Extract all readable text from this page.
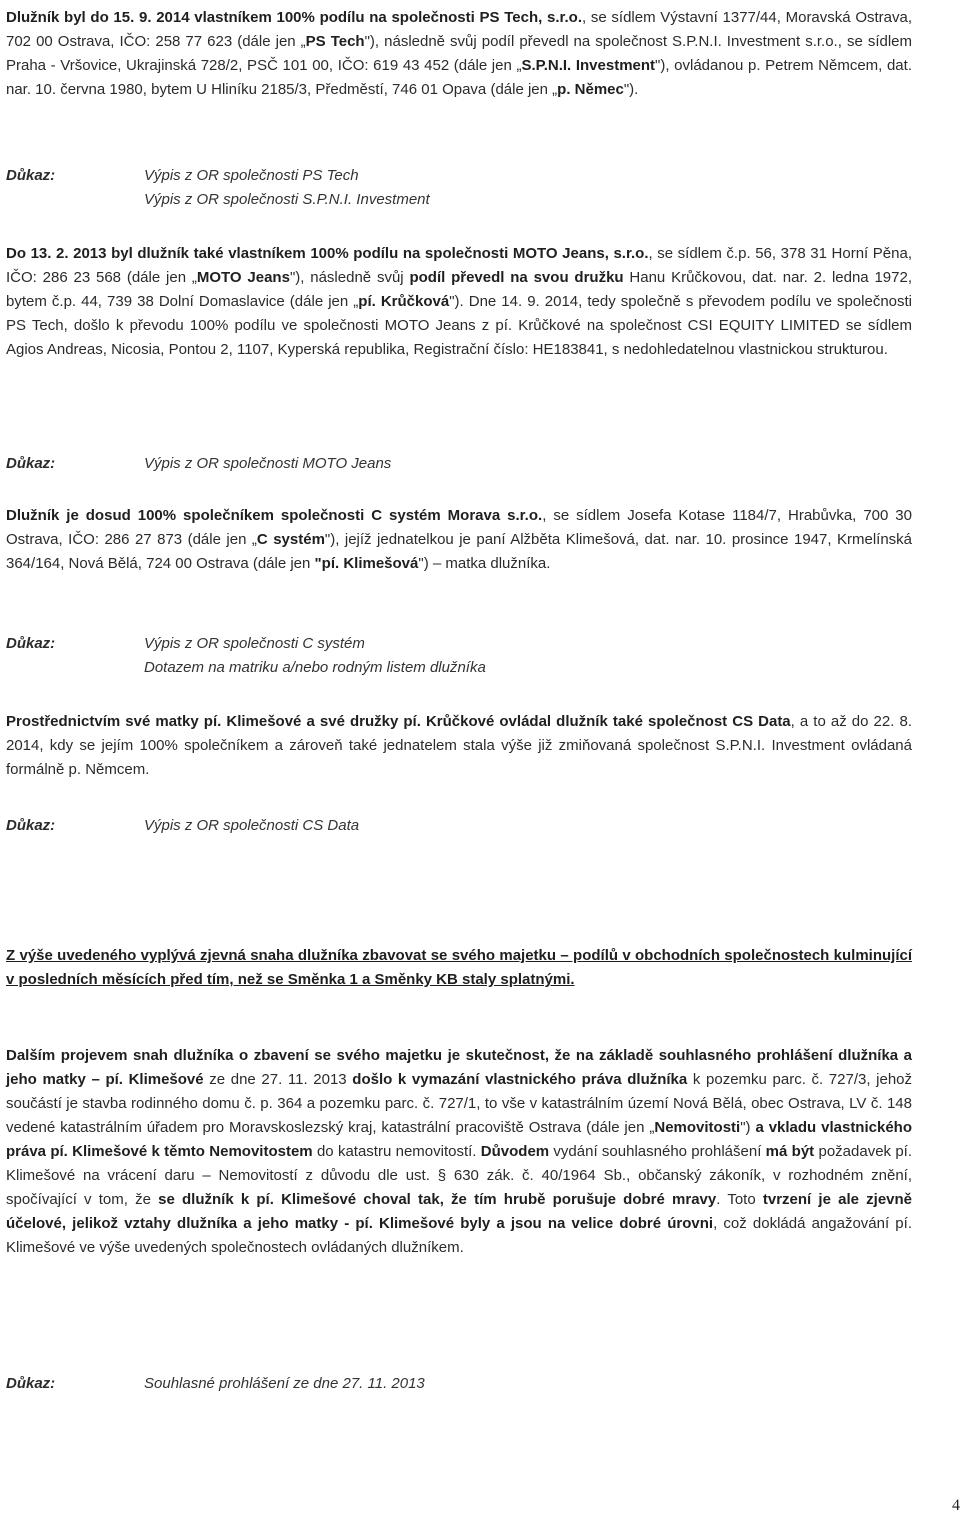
Dlužník byl do 15. 9. 2014 vlastníkem 100% podílu na společnosti PS Tech, s.r.o., se sídlem Výstavní 1377/44, Moravská Ostrava, 702 00 Ostrava, IČO: 258 77 623 (dále jen „PS Tech"), následně svůj podíl převedl na společnost S.P.N.I. Investment s.r.o., se sídlem Praha - Vršovice, Ukrajinská 728/2, PSČ 101 00, IČO: 619 43 452 (dále jen „S.P.N.I. Investment"), ovládanou p. Petrem Němcem, dat. nar. 10. června 1980, bytem U Hliníku 2185/3, Předměstí, 746 01 Opava (dále jen „p. Němec").

Důkaz:	Výpis z OR společnosti PS Tech
Výpis z OR společnosti S.P.N.I. Investment

Do 13. 2. 2013 byl dlužník také vlastníkem 100% podílu na společnosti MOTO Jeans, s.r.o., se sídlem č.p. 56, 378 31 Horní Pěna, IČO: 286 23 568 (dále jen „MOTO Jeans"), následně svůj podíl převedl na svou družku Hanu Krůčkovou, dat. nar. 2. ledna 1972, bytem č.p. 44, 739 38 Dolní Domaslavice (dále jen „pí. Krůčková"). Dne 14. 9. 2014, tedy společně s převodem podílu ve společnosti PS Tech, došlo k převodu 100% podílu ve společnosti MOTO Jeans z pí. Krůčkové na společnost CSI EQUITY LIMITED se sídlem Agios Andreas, Nicosia, Pontou 2, 1107, Kyperská republika, Registrační číslo: HE183841, s nedohledatelnou vlastnickou strukturou.

Důkaz:	Výpis z OR společnosti MOTO Jeans

Dlužník je dosud 100% společníkem společnosti C systém Morava s.r.o., se sídlem Josefa Kotase 1184/7, Hrabůvka, 700 30 Ostrava, IČO: 286 27 873 (dále jen „C systém"), jejíž jednatelkou je paní Alžběta Klimešová, dat. nar. 10. prosince 1947, Krmelínská 364/164, Nová Bělá, 724 00 Ostrava (dále jen "pí. Klimešová") – matka dlužníka.

Důkaz:	Výpis z OR společnosti C systém
Dotazem na matriku a/nebo rodným listem dlužníka

Prostřednictvím své matky pí. Klimešové a své družky pí. Krůčkové ovládal dlužník také společnost CS Data, a to až do 22. 8. 2014, kdy se jejím 100% společníkem a zároveň také jednatelem stala výše již zmiňovaná společnost S.P.N.I. Investment ovládaná formálně p. Němcem.

Důkaz:	Výpis z OR společnosti CS Data

Z výše uvedeného vyplývá zjevná snaha dlužníka zbavovat se svého majetku – podílů v obchodních společnostech kulminující v posledních měsících před tím, než se Směnka 1 a Směnky KB staly splatnými.

Dalším projevem snah dlužníka o zbavení se svého majetku je skutečnost, že na základě souhlasného prohlášení dlužníka a jeho matky – pí. Klimešové ze dne 27. 11. 2013 došlo k vymazání vlastnického práva dlužníka k pozemku parc. č. 727/3, jehož součástí je stavba rodinného domu č. p. 364 a pozemku parc. č. 727/1, to vše v katastrálním území Nová Bělá, obec Ostrava, LV č. 148 vedené katastrálním úřadem pro Moravskoslezský kraj, katastrální pracoviště Ostrava (dále jen „Nemovitosti") a vkladu vlastnického práva pí. Klimešové k těmto Nemovitostem do katastru nemovitostí. Důvodem vydání souhlasného prohlášení má být požadavek pí. Klimešové na vrácení daru – Nemovitostí z důvodu dle ust. § 630 zák. č. 40/1964 Sb., občanský zákoník, v rozhodném znění, spočívající v tom, že se dlužník k pí. Klimešové choval tak, že tím hrubě porušuje dobré mravy. Toto tvrzení je ale zjevně účelové, jelikož vztahy dlužníka a jeho matky - pí. Klimešové byly a jsou na velice dobré úrovni, což dokládá angažování pí. Klimešové ve výše uvedených společnostech ovládaných dlužníkem.

Důkaz:	Souhlasné prohlášení ze dne 27. 11. 2013
4
